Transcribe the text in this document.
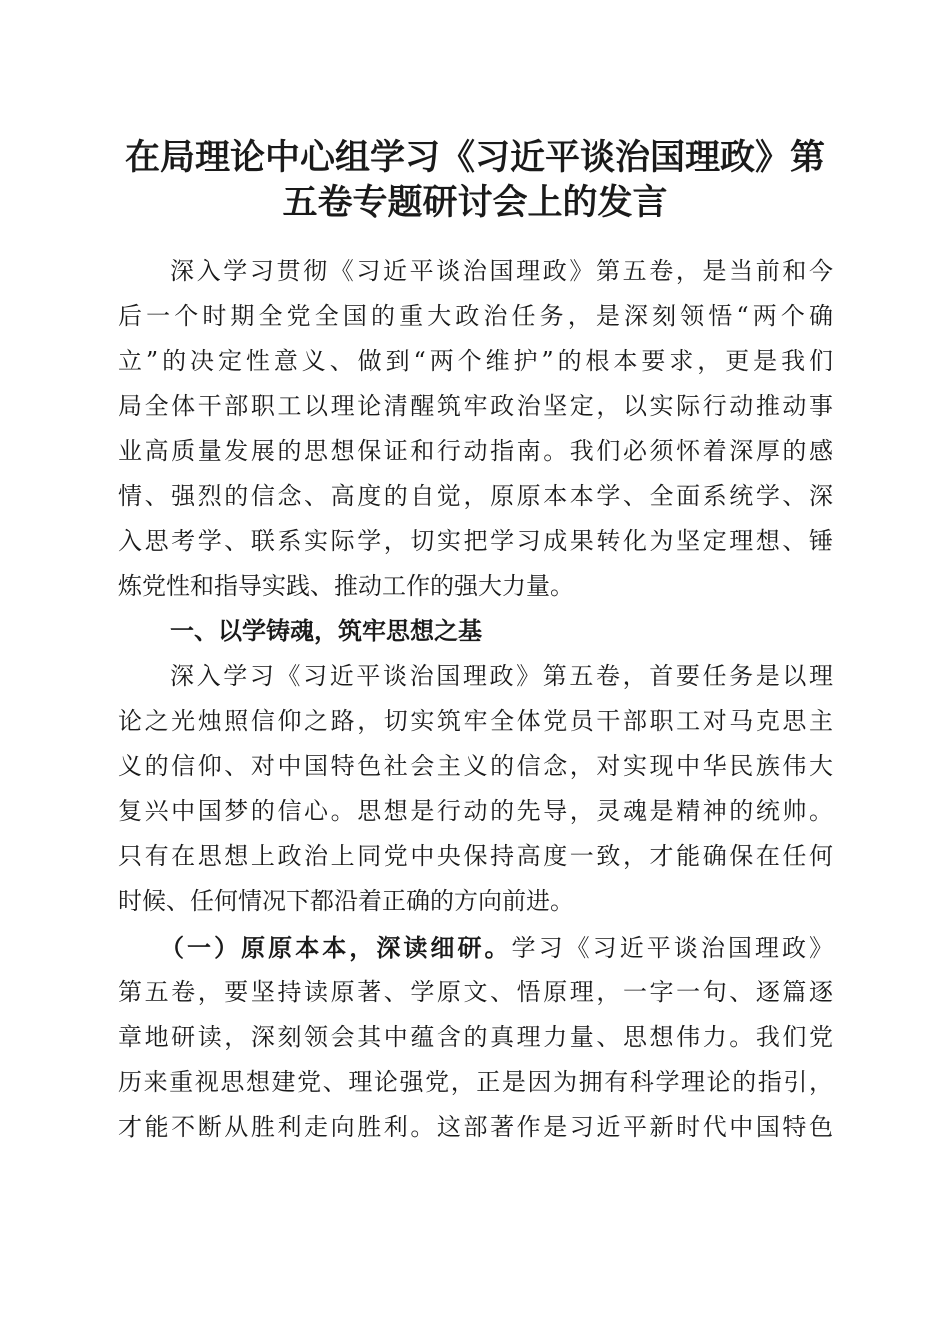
在局理论中心组学习《习近平谈治国理政》第
五卷专题研讨会上的发言
深入学习贯彻《习近平谈治国理政》第五卷，是当前和今
后一个时期全党全国的重大政治任务，是深刻领悟“两个确
立”的决定性意义、做到“两个维护”的根本要求，更是我们
局全体干部职工以理论清醒筑牢政治坚定，以实际行动推动事
业高质量发展的思想保证和行动指南。我们必须怀着深厚的感
情、强烈的信念、高度的自觉，原原本本学、全面系统学、深
入思考学、联系实际学，切实把学习成果转化为坚定理想、锤
炼党性和指导实践、推动工作的强大力量。
一、以学铸魂，筑牢思想之基
深入学习《习近平谈治国理政》第五卷，首要任务是以理
论之光烛照信仰之路，切实筑牢全体党员干部职工对马克思主
义的信仰、对中国特色社会主义的信念，对实现中华民族伟大
复兴中国梦的信心。思想是行动的先导，灵魂是精神的统帅。
只有在思想上政治上同党中央保持高度一致，才能确保在任何
时候、任何情况下都沿着正确的方向前进。
（一）原原本本，深读细研。学习《习近平谈治国理政》
第五卷，要坚持读原著、学原文、悟原理，一字一句、逐篇逐
章地研读，深刻领会其中蕴含的真理力量、思想伟力。我们党
历来重视思想建党、理论强党，正是因为拥有科学理论的指引，
才能不断从胜利走向胜利。这部著作是习近平新时代中国特色
